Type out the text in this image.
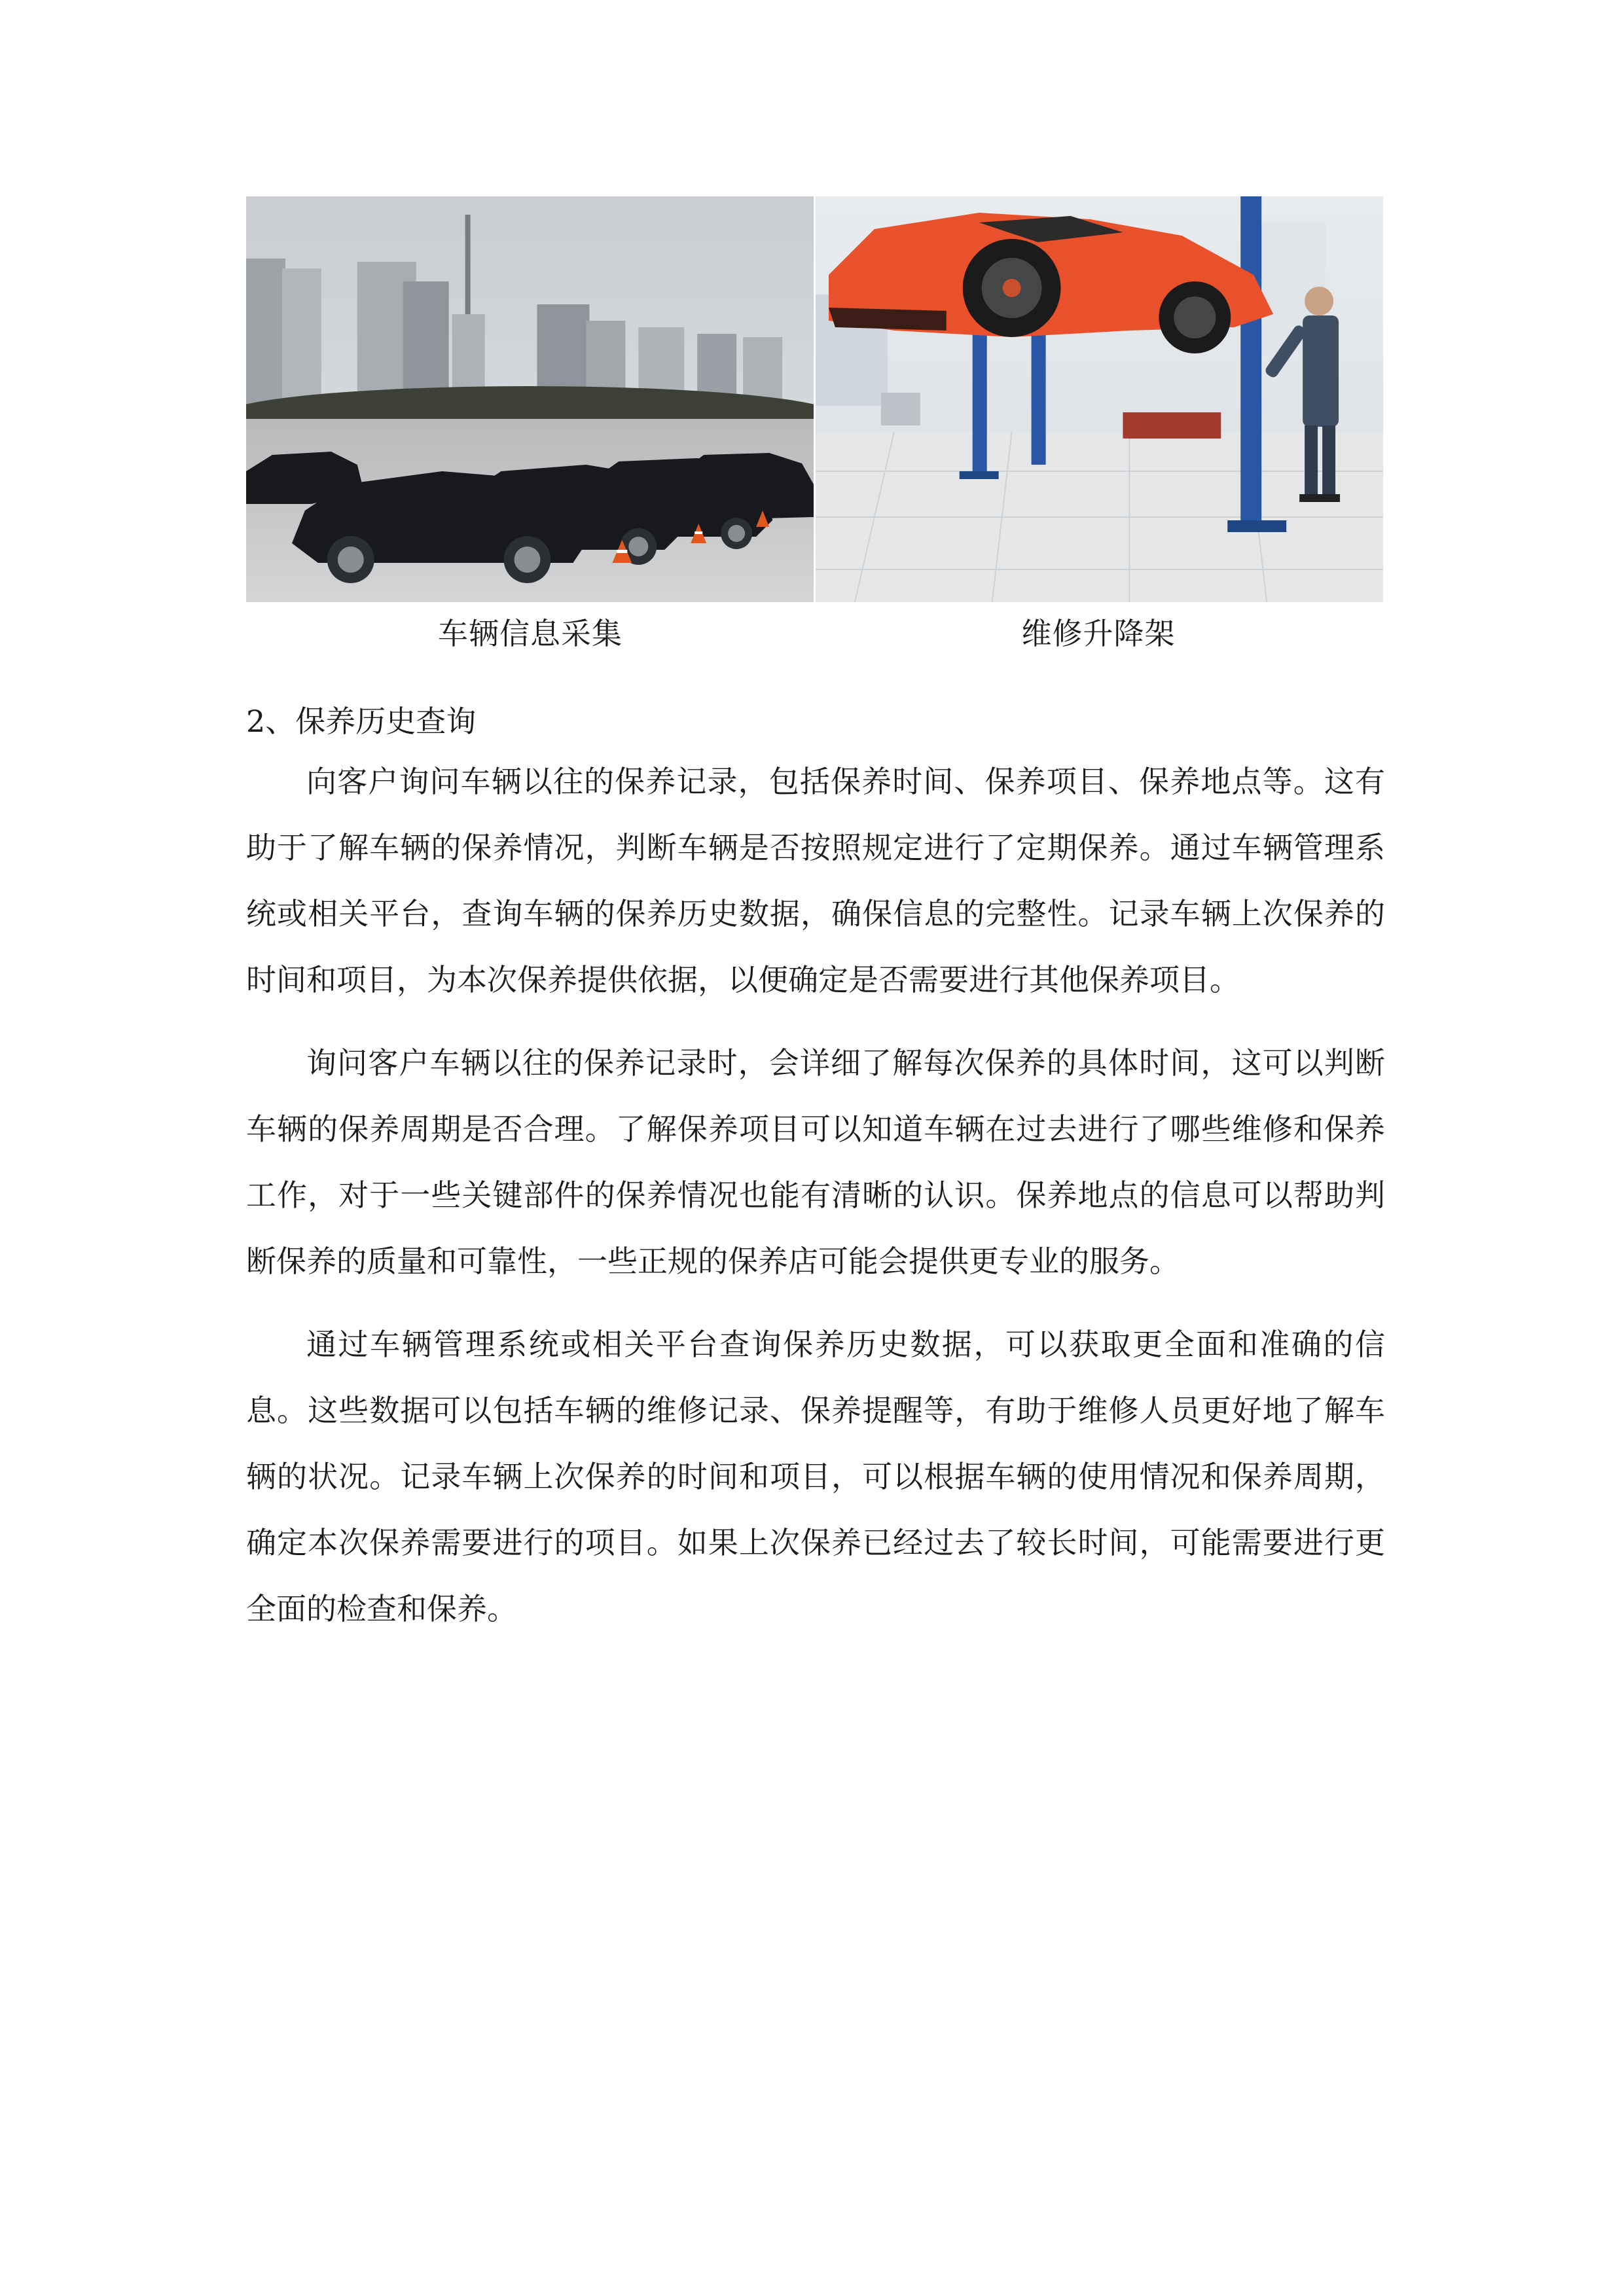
车辆信息采集	维修升降架

2、保养历史查询

向客户询问车辆以往的保养记录，包括保养时间、保养项目、保养地点等。这有助于了解车辆的保养情况，判断车辆是否按照规定进行了定期保养。通过车辆管理系统或相关平台，查询车辆的保养历史数据，确保信息的完整性。记录车辆上次保养的时间和项目，为本次保养提供依据，以便确定是否需要进行其他保养项目。

询问客户车辆以往的保养记录时，会详细了解每次保养的具体时间，这可以判断车辆的保养周期是否合理。了解保养项目可以知道车辆在过去进行了哪些维修和保养工作，对于一些关键部件的保养情况也能有清晰的认识。保养地点的信息可以帮助判断保养的质量和可靠性，一些正规的保养店可能会提供更专业的服务。

通过车辆管理系统或相关平台查询保养历史数据，可以获取更全面和准确的信息。这些数据可以包括车辆的维修记录、保养提醒等，有助于维修人员更好地了解车辆的状况。记录车辆上次保养的时间和项目，可以根据车辆的使用情况和保养周期，确定本次保养需要进行的项目。如果上次保养已经过去了较长时间，可能需要进行更全面的检查和保养。
